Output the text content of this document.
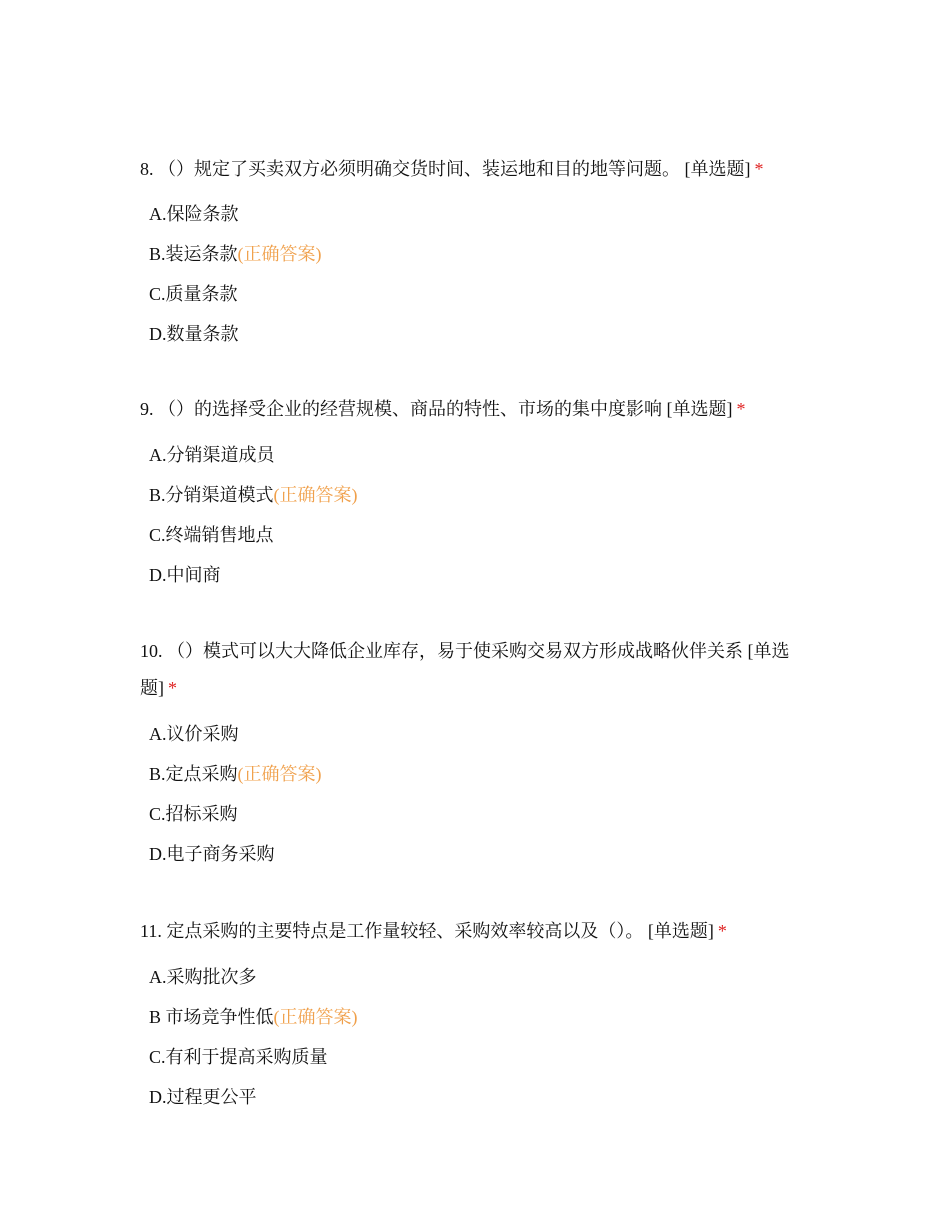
8. （）规定了买卖双方必须明确交货时间、装运地和目的地等问题。 [单选题] *

A.保险条款
B.装运条款(正确答案)
C.质量条款
D.数量条款

9. （）的选择受企业的经营规模、商品的特性、市场的集中度影响 [单选题] *

A.分销渠道成员
B.分销渠道模式(正确答案)
C.终端销售地点
D.中间商

10. （）模式可以大大降低企业库存，易于使采购交易双方形成战略伙伴关系 [单选题] *

A.议价采购
B.定点采购(正确答案)
C.招标采购
D.电子商务采购

11. 定点采购的主要特点是工作量较轻、采购效率较高以及（）。 [单选题] *

A.采购批次多
B 市场竞争性低(正确答案)
C.有利于提高采购质量
D.过程更公平
